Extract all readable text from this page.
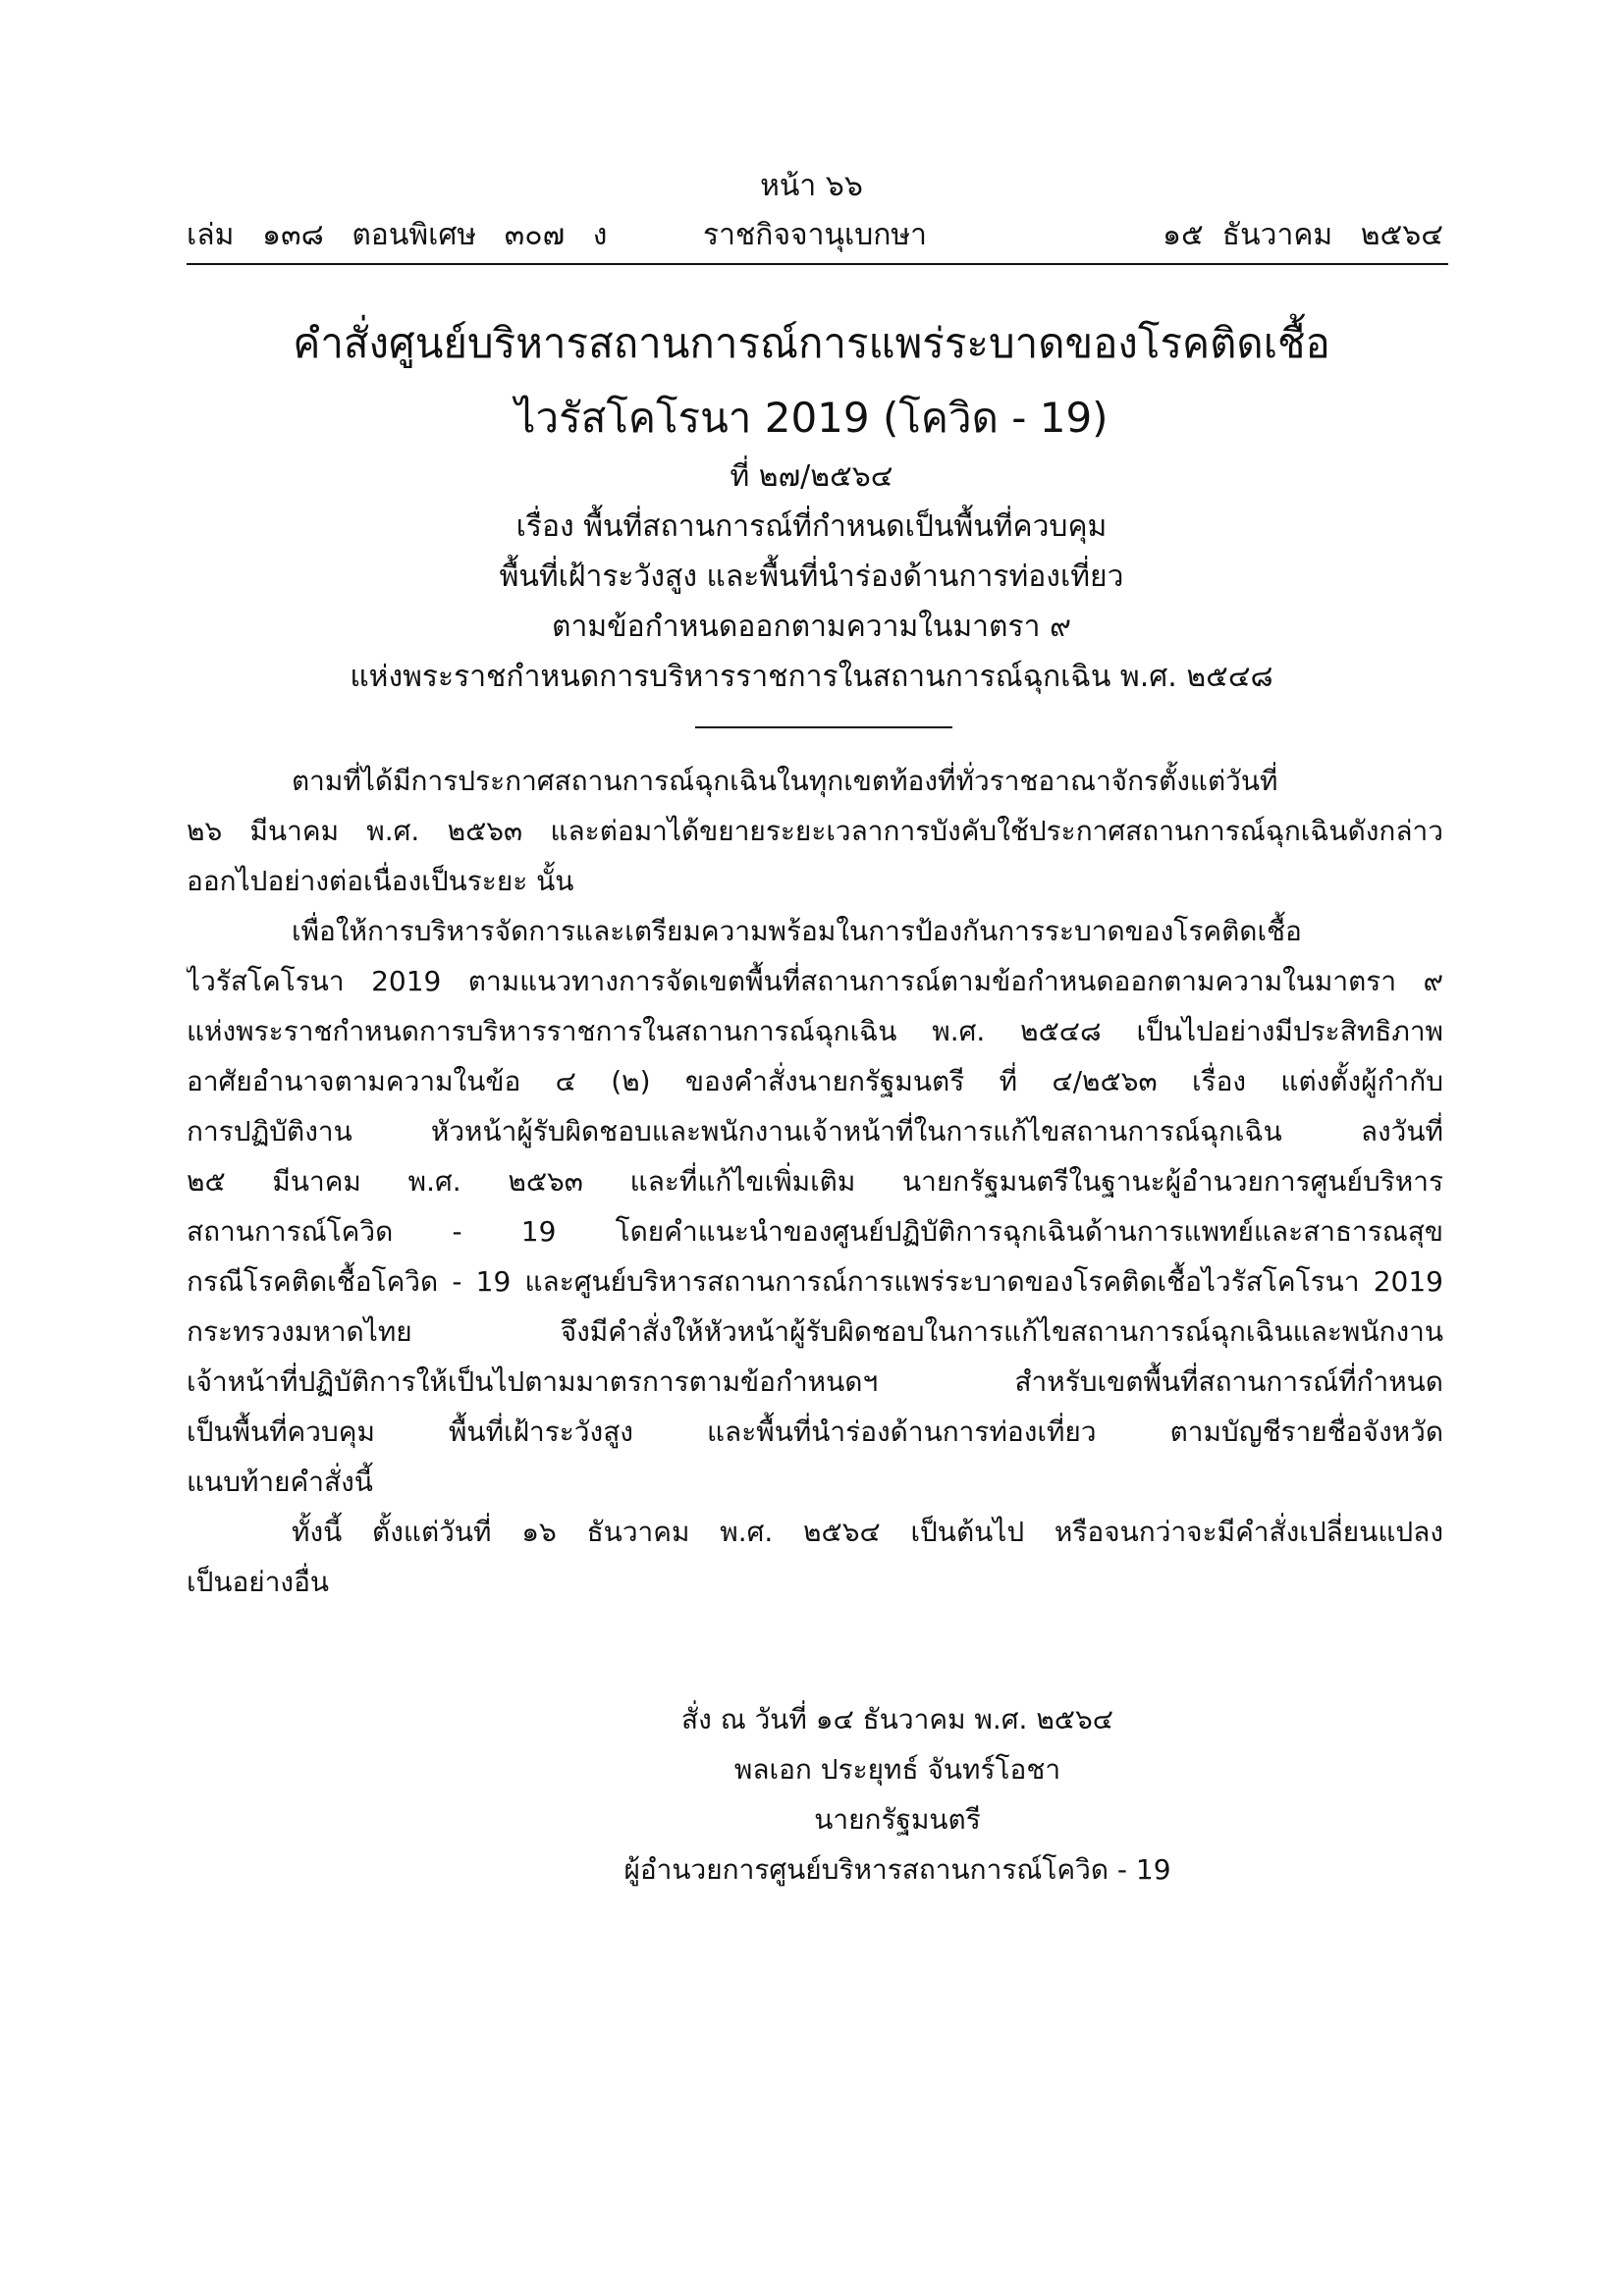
หน้า ๖๖
เล่ม   ๑๓๘   ตอนพิเศษ   ๓๐๗   ง	ราชกิจจานุเบกษา	๑๕  ธันวาคม   ๒๕๖๔
คำสั่งศูนย์บริหารสถานการณ์การแพร่ระบาดของโรคติดเชื้อ
ไวรัสโคโรนา 2019 (โควิด - 19)
ที่ ๒๗/๒๕๖๔
เรื่อง พื้นที่สถานการณ์ที่กำหนดเป็นพื้นที่ควบคุม
พื้นที่เฝ้าระวังสูง และพื้นที่นำร่องด้านการท่องเที่ยว
ตามข้อกำหนดออกตามความในมาตรา ๙
แห่งพระราชกำหนดการบริหารราชการในสถานการณ์ฉุกเฉิน พ.ศ. ๒๕๔๘
ตามที่ได้มีการประกาศสถานการณ์ฉุกเฉินในทุกเขตท้องที่ทั่วราชอาณาจักรตั้งแต่วันที่
๒๖ มีนาคม พ.ศ. ๒๕๖๓ และต่อมาได้ขยายระยะเวลาการบังคับใช้ประกาศสถานการณ์ฉุกเฉินดังกล่าว
ออกไปอย่างต่อเนื่องเป็นระยะ นั้น
เพื่อให้การบริหารจัดการและเตรียมความพร้อมในการป้องกันการระบาดของโรคติดเชื้อ
ไวรัสโคโรนา 2019 ตามแนวทางการจัดเขตพื้นที่สถานการณ์ตามข้อกำหนดออกตามความในมาตรา ๙
แห่งพระราชกำหนดการบริหารราชการในสถานการณ์ฉุกเฉิน พ.ศ. ๒๕๔๘ เป็นไปอย่างมีประสิทธิภาพ
อาศัยอำนาจตามความในข้อ ๔ (๒) ของคำสั่งนายกรัฐมนตรี ที่ ๔/๒๕๖๓ เรื่อง แต่งตั้งผู้กำกับ
การปฏิบัติงาน หัวหน้าผู้รับผิดชอบและพนักงานเจ้าหน้าที่ในการแก้ไขสถานการณ์ฉุกเฉิน ลงวันที่
๒๕ มีนาคม พ.ศ. ๒๕๖๓ และที่แก้ไขเพิ่มเติม นายกรัฐมนตรีในฐานะผู้อำนวยการศูนย์บริหาร
สถานการณ์โควิด - 19 โดยคำแนะนำของศูนย์ปฏิบัติการฉุกเฉินด้านการแพทย์และสาธารณสุข
กรณีโรคติดเชื้อโควิด - 19 และศูนย์บริหารสถานการณ์การแพร่ระบาดของโรคติดเชื้อไวรัสโคโรนา 2019
กระทรวงมหาดไทย จึงมีคำสั่งให้หัวหน้าผู้รับผิดชอบในการแก้ไขสถานการณ์ฉุกเฉินและพนักงาน
เจ้าหน้าที่ปฏิบัติการให้เป็นไปตามมาตรการตามข้อกำหนดฯ สำหรับเขตพื้นที่สถานการณ์ที่กำหนด
เป็นพื้นที่ควบคุม พื้นที่เฝ้าระวังสูง และพื้นที่นำร่องด้านการท่องเที่ยว ตามบัญชีรายชื่อจังหวัด
แนบท้ายคำสั่งนี้
ทั้งนี้ ตั้งแต่วันที่ ๑๖ ธันวาคม พ.ศ. ๒๕๖๔ เป็นต้นไป หรือจนกว่าจะมีคำสั่งเปลี่ยนแปลง
เป็นอย่างอื่น
สั่ง ณ วันที่ ๑๔ ธันวาคม พ.ศ. ๒๕๖๔
พลเอก ประยุทธ์ จันทร์โอชา
นายกรัฐมนตรี
ผู้อำนวยการศูนย์บริหารสถานการณ์โควิด - 19
